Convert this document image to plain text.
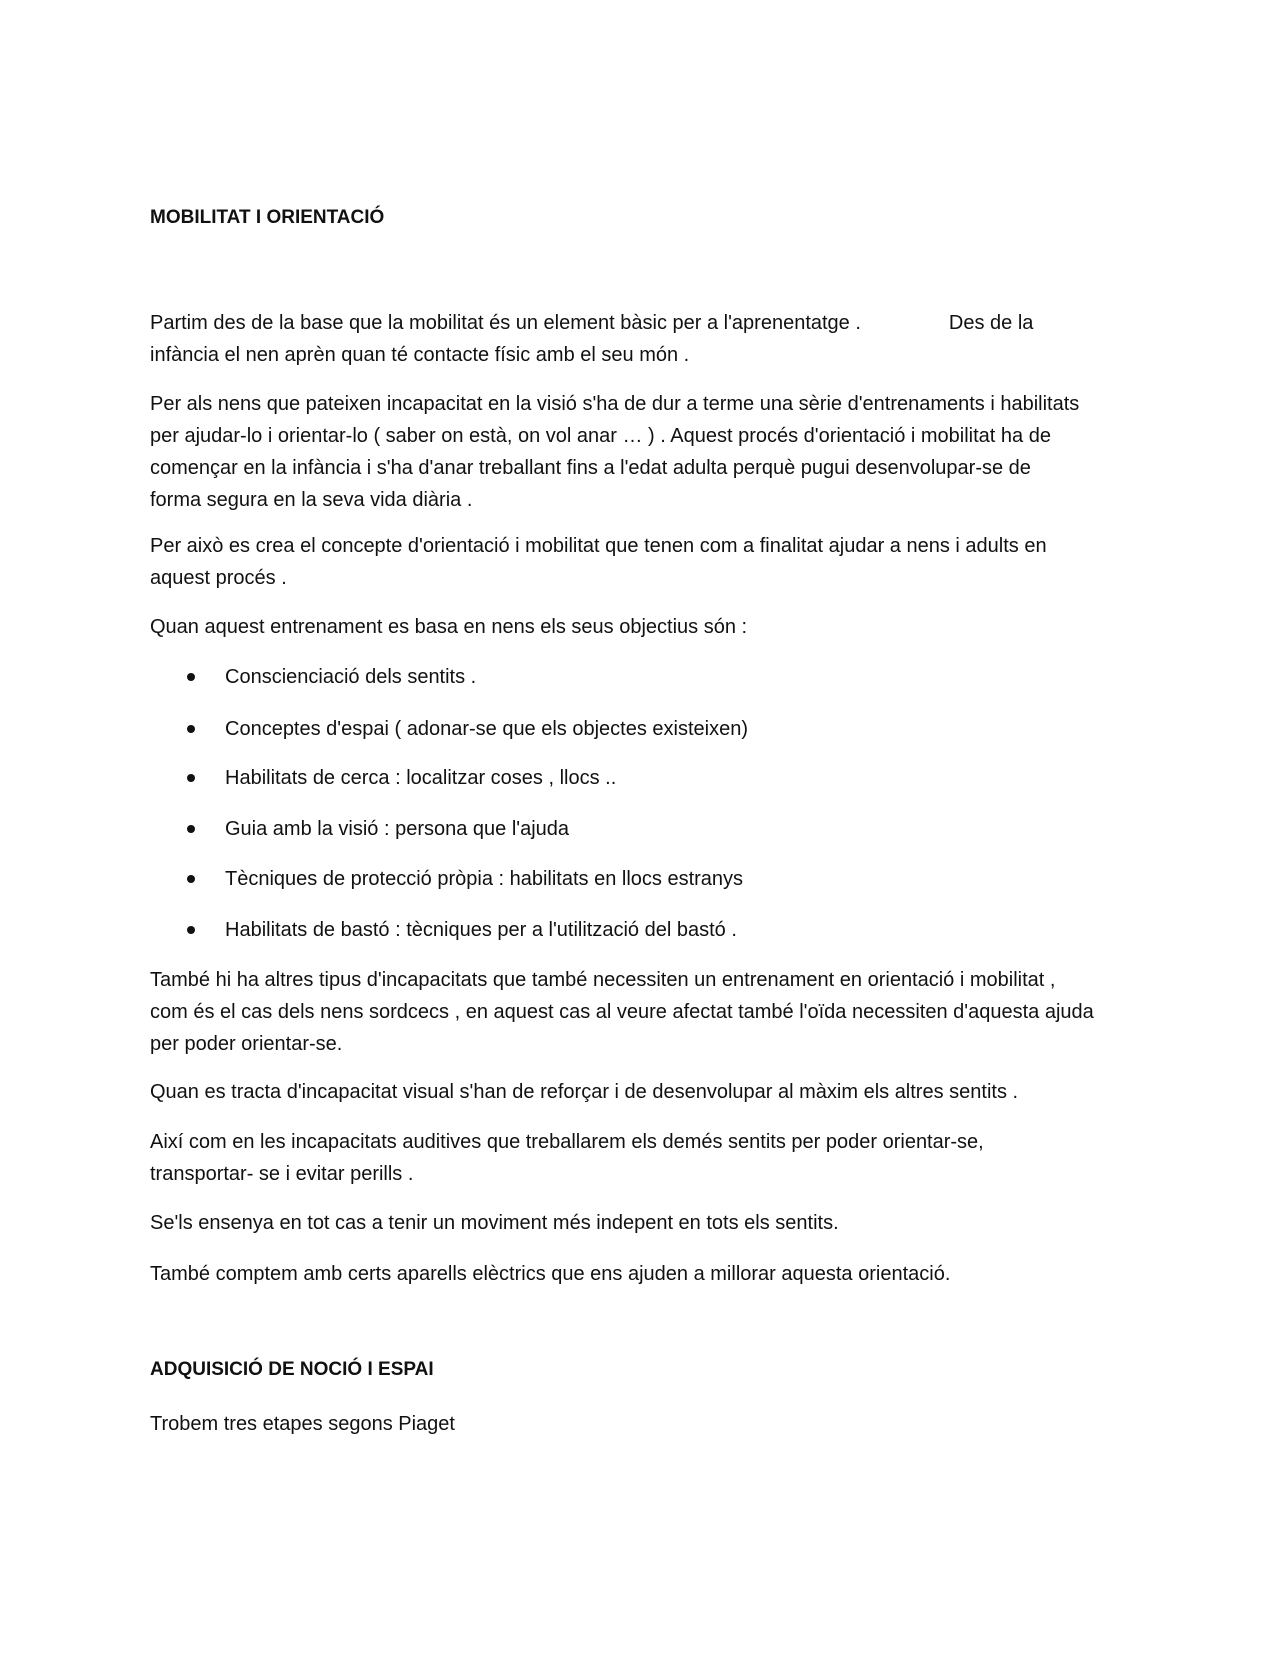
MOBILITAT I ORIENTACIÓ
Partim des de la base que la mobilitat és un element bàsic per a l'aprenentatge .	Des de la
infància el nen aprèn quan té contacte físic amb el seu món .
Per als nens que pateixen incapacitat en la visió s'ha de dur a terme una sèrie d'entrenaments i habilitats
per ajudar-lo i orientar-lo ( saber on està, on vol anar … ) . Aquest procés d'orientació i mobilitat ha de
començar en la infància i s'ha d'anar treballant fins a l'edat adulta perquè pugui desenvolupar-se de
forma segura en la seva vida diària .
Per això es crea el concepte d'orientació i mobilitat que tenen com a finalitat ajudar a nens i adults en
aquest procés .
Quan aquest entrenament es basa en nens els seus objectius són :
Conscienciació dels sentits .
Conceptes d'espai ( adonar-se que els objectes existeixen)
Habilitats de cerca : localitzar coses , llocs ..
Guia amb la visió : persona que l'ajuda
Tècniques de protecció pròpia : habilitats en llocs estranys
Habilitats de bastó : tècniques per a l'utilització del bastó .
També hi ha altres tipus d'incapacitats que també necessiten un entrenament en orientació i mobilitat ,
com és el cas dels nens sordcecs , en aquest cas al veure afectat també l'oïda necessiten d'aquesta ajuda
per poder orientar-se.
Quan es tracta d'incapacitat visual s'han de reforçar i de desenvolupar al màxim els altres sentits .
Així com en les incapacitats auditives que treballarem els demés sentits per poder orientar-se,
transportar- se i evitar perills .
Se'ls ensenya en tot cas a tenir un moviment més indepent en tots els sentits.
També comptem amb certs aparells elèctrics que ens ajuden a millorar aquesta orientació.
ADQUISICIÓ DE NOCIÓ I ESPAI
Trobem tres etapes segons Piaget
